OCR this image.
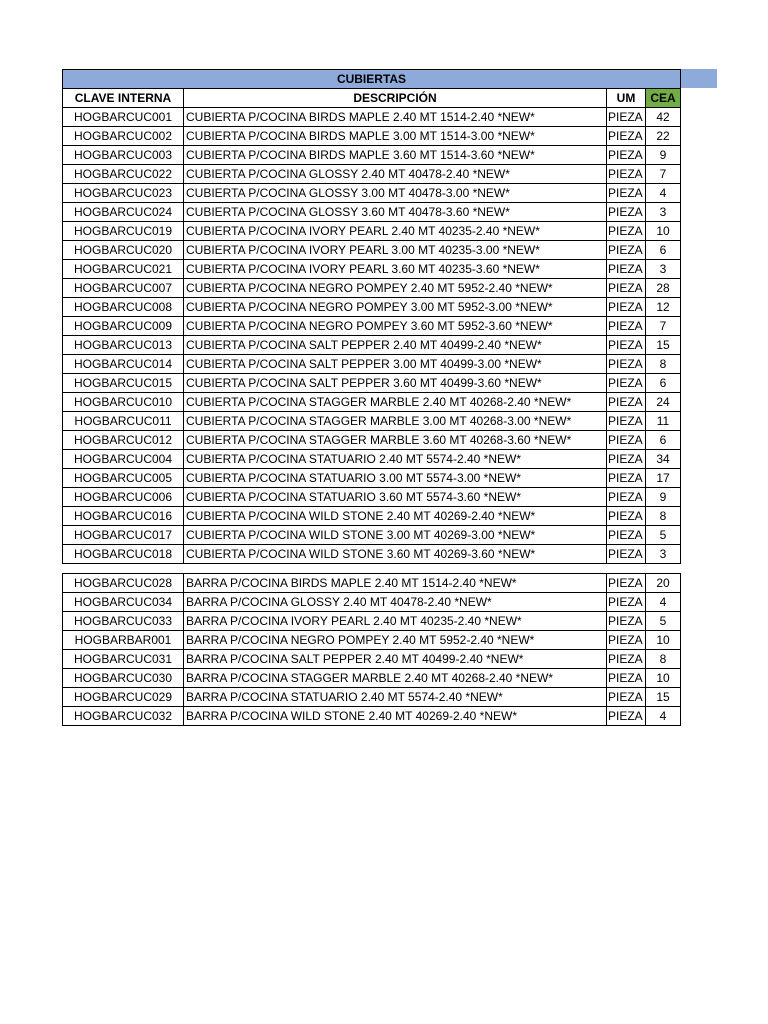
CUBIERTAS			
CLAVE INTERNA	DESCRIPCIÓN	UM	CEA
HOGBARCUC001	CUBIERTA P/COCINA BIRDS MAPLE 2.40 MT 1514-2.40 *NEW*	PIEZA	42
HOGBARCUC002	CUBIERTA P/COCINA BIRDS MAPLE 3.00 MT 1514-3.00 *NEW*	PIEZA	22
HOGBARCUC003	CUBIERTA P/COCINA BIRDS MAPLE 3.60 MT 1514-3.60 *NEW*	PIEZA	9
HOGBARCUC022	CUBIERTA P/COCINA GLOSSY 2.40 MT 40478-2.40 *NEW*	PIEZA	7
HOGBARCUC023	CUBIERTA P/COCINA GLOSSY 3.00 MT 40478-3.00 *NEW*	PIEZA	4
HOGBARCUC024	CUBIERTA P/COCINA GLOSSY 3.60 MT 40478-3.60 *NEW*	PIEZA	3
HOGBARCUC019	CUBIERTA P/COCINA IVORY PEARL 2.40 MT 40235-2.40 *NEW*	PIEZA	10
HOGBARCUC020	CUBIERTA P/COCINA IVORY PEARL 3.00 MT 40235-3.00 *NEW*	PIEZA	6
HOGBARCUC021	CUBIERTA P/COCINA IVORY PEARL 3.60 MT 40235-3.60 *NEW*	PIEZA	3
HOGBARCUC007	CUBIERTA P/COCINA NEGRO POMPEY 2.40 MT 5952-2.40 *NEW*	PIEZA	28
HOGBARCUC008	CUBIERTA P/COCINA NEGRO POMPEY 3.00 MT 5952-3.00 *NEW*	PIEZA	12
HOGBARCUC009	CUBIERTA P/COCINA NEGRO POMPEY 3.60 MT 5952-3.60 *NEW*	PIEZA	7
HOGBARCUC013	CUBIERTA P/COCINA SALT PEPPER 2.40 MT 40499-2.40 *NEW*	PIEZA	15
HOGBARCUC014	CUBIERTA P/COCINA SALT PEPPER 3.00 MT 40499-3.00 *NEW*	PIEZA	8
HOGBARCUC015	CUBIERTA P/COCINA SALT PEPPER 3.60 MT 40499-3.60 *NEW*	PIEZA	6
HOGBARCUC010	CUBIERTA P/COCINA STAGGER MARBLE 2.40 MT 40268-2.40 *NEW*	PIEZA	24
HOGBARCUC011	CUBIERTA P/COCINA STAGGER MARBLE 3.00 MT 40268-3.00 *NEW*	PIEZA	11
HOGBARCUC012	CUBIERTA P/COCINA STAGGER MARBLE 3.60 MT 40268-3.60 *NEW*	PIEZA	6
HOGBARCUC004	CUBIERTA P/COCINA STATUARIO 2.40 MT 5574-2.40 *NEW*	PIEZA	34
HOGBARCUC005	CUBIERTA P/COCINA STATUARIO 3.00 MT 5574-3.00 *NEW*	PIEZA	17
HOGBARCUC006	CUBIERTA P/COCINA STATUARIO 3.60 MT 5574-3.60 *NEW*	PIEZA	9
HOGBARCUC016	CUBIERTA P/COCINA WILD STONE 2.40 MT 40269-2.40 *NEW*	PIEZA	8
HOGBARCUC017	CUBIERTA P/COCINA WILD STONE 3.00 MT 40269-3.00 *NEW*	PIEZA	5
HOGBARCUC018	CUBIERTA P/COCINA WILD STONE 3.60 MT 40269-3.60 *NEW*	PIEZA	3
HOGBARCUC028	BARRA P/COCINA BIRDS MAPLE 2.40 MT 1514-2.40 *NEW*	PIEZA	20
HOGBARCUC034	BARRA P/COCINA GLOSSY 2.40 MT 40478-2.40 *NEW*	PIEZA	4
HOGBARCUC033	BARRA P/COCINA IVORY PEARL 2.40 MT 40235-2.40 *NEW*	PIEZA	5
HOGBARBAR001	BARRA P/COCINA NEGRO POMPEY 2.40 MT 5952-2.40 *NEW*	PIEZA	10
HOGBARCUC031	BARRA P/COCINA SALT PEPPER 2.40 MT 40499-2.40 *NEW*	PIEZA	8
HOGBARCUC030	BARRA P/COCINA STAGGER MARBLE 2.40 MT 40268-2.40 *NEW*	PIEZA	10
HOGBARCUC029	BARRA P/COCINA STATUARIO 2.40 MT 5574-2.40 *NEW*	PIEZA	15
HOGBARCUC032	BARRA P/COCINA WILD STONE 2.40 MT 40269-2.40 *NEW*	PIEZA	4
